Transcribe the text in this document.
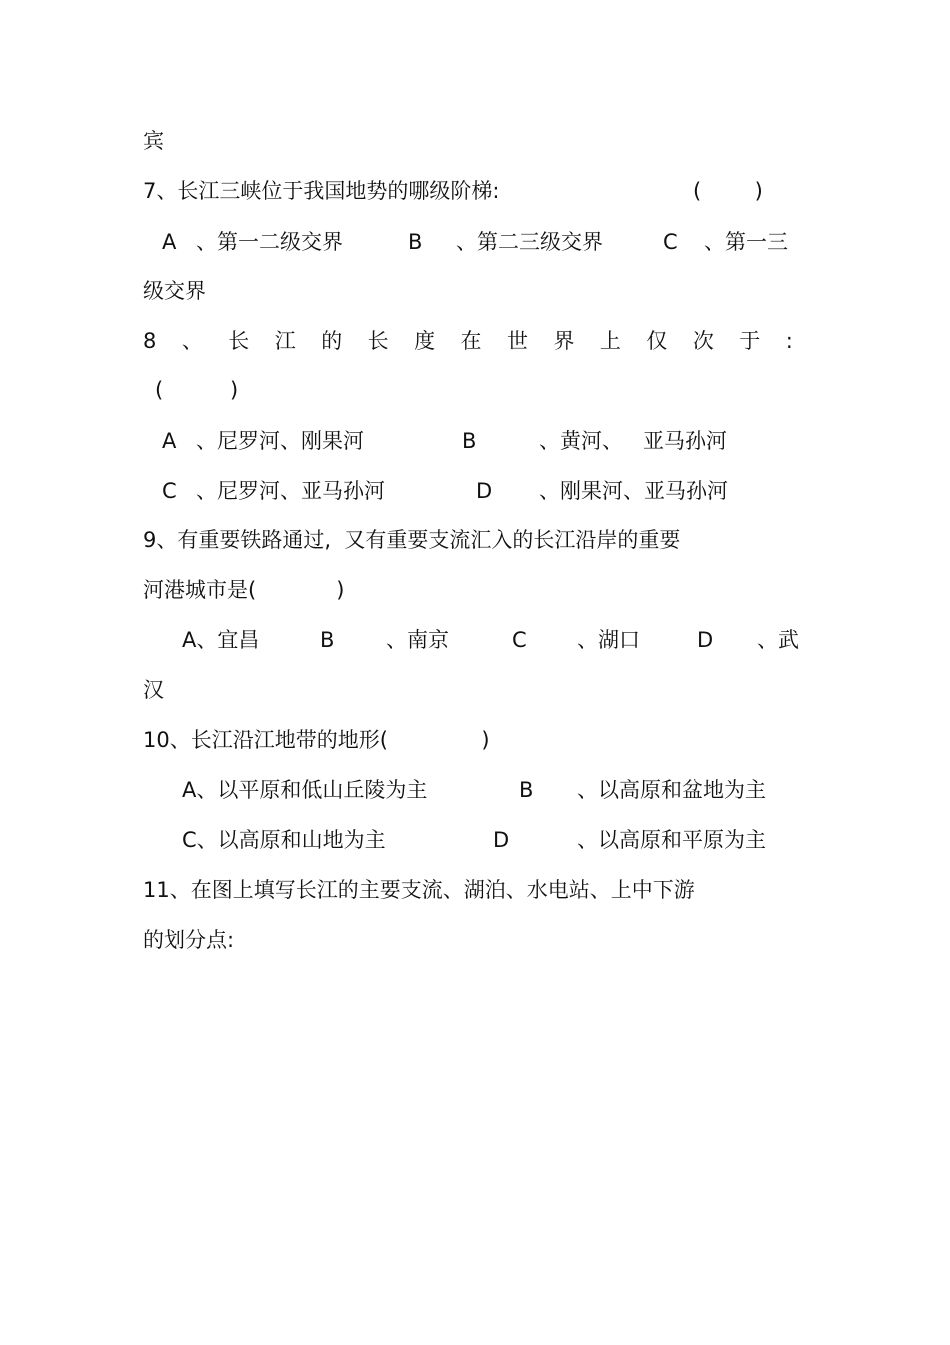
宾
7、长江三峡位于我国地势的哪级阶梯:	(        )
A 、第一二级交界	B 、第二三级交界	C 、第一三
级交界
8 、 长 江 的 长 度 在 世 界 上 仅 次 于 :
(          )
A 、尼罗河、刚果河	B	、黄河、   亚马孙河
C 、尼罗河、亚马孙河	D 、刚果河、亚马孙河
9、有重要铁路通过,  又有重要支流汇入的长江沿岸的重要
河港城市是(            )
A、宜昌	B 、南京	C 、湖口	D 、武
汉
10、长江沿江地带的地形(              )
A、以平原和低山丘陵为主	B 、以高原和盆地为主
C、以高原和山地为主	D	、以高原和平原为主
11、在图上填写长江的主要支流、湖泊、水电站、上中下游
的划分点:
